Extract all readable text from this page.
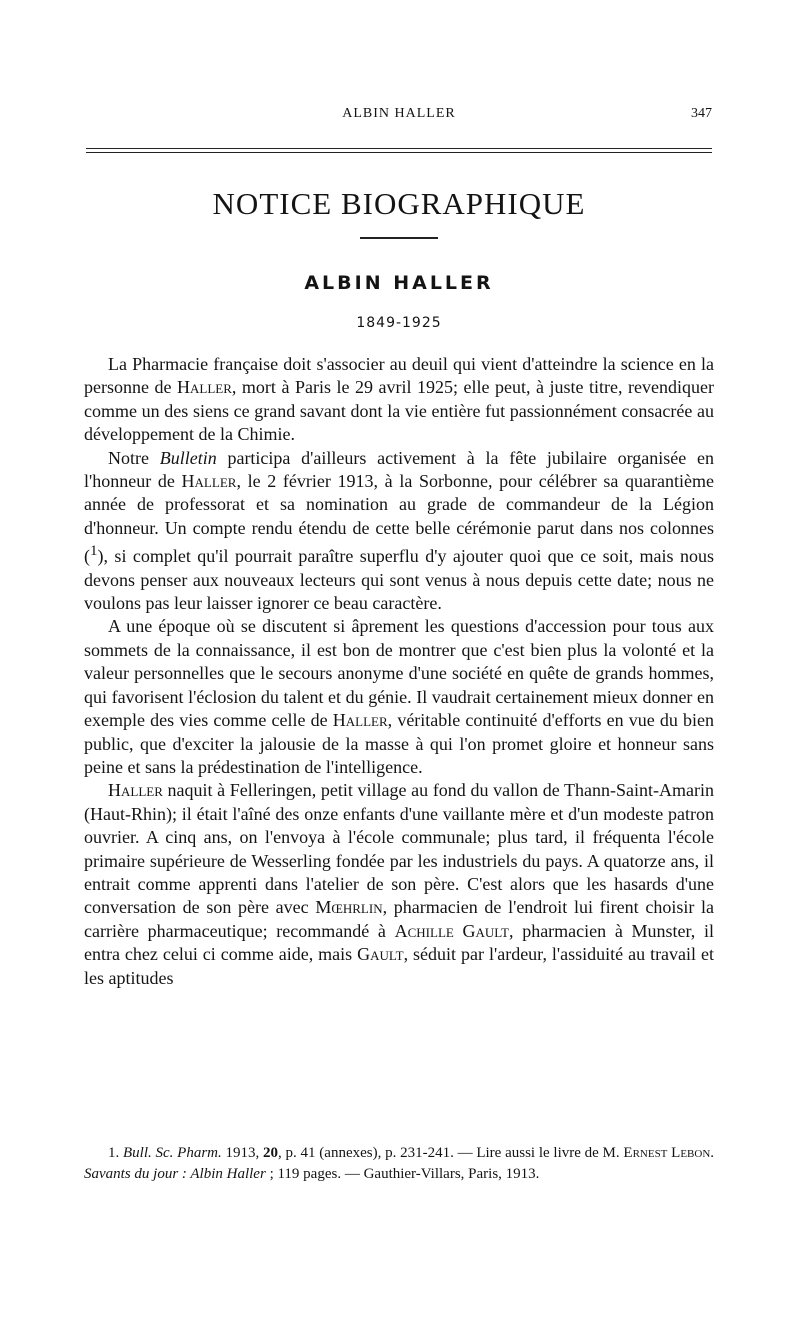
ALBIN HALLER	347
NOTICE BIOGRAPHIQUE
ALBIN HALLER
1849-1925

La Pharmacie française doit s'associer au deuil qui vient d'atteindre la science en la personne de Haller, mort à Paris le 29 avril 1925; elle peut, à juste titre, revendiquer comme un des siens ce grand savant dont la vie entière fut passionnément consacrée au développement de la Chimie.

Notre Bulletin participa d'ailleurs activement à la fête jubilaire organisée en l'honneur de Haller, le 2 février 1913, à la Sorbonne, pour célébrer sa quarantième année de professorat et sa nomination au grade de commandeur de la Légion d'honneur. Un compte rendu étendu de cette belle cérémonie parut dans nos colonnes ($^1$), si complet qu'il pourrait paraître superflu d'y ajouter quoi que ce soit, mais nous devons penser aux nouveaux lecteurs qui sont venus à nous depuis cette date; nous ne voulons pas leur laisser ignorer ce beau caractère.

A une époque où se discutent si âprement les questions d'accession pour tous aux sommets de la connaissance, il est bon de montrer que c'est bien plus la volonté et la valeur personnelles que le secours anonyme d'une société en quête de grands hommes, qui favorisent l'éclosion du talent et du génie. Il vaudrait certainement mieux donner en exemple des vies comme celle de Haller, véritable continuité d'efforts en vue du bien public, que d'exciter la jalousie de la masse à qui l'on promet gloire et honneur sans peine et sans la prédestination de l'intelligence.

Haller naquit à Felleringen, petit village au fond du vallon de Thann-Saint-Amarin (Haut-Rhin); il était l'aîné des onze enfants d'une vaillante mère et d'un modeste patron ouvrier. A cinq ans, on l'envoya à l'école communale; plus tard, il fréquenta l'école primaire supérieure de Wesserling fondée par les industriels du pays. A quatorze ans, il entrait comme apprenti dans l'atelier de son père. C'est alors que les hasards d'une conversation de son père avec Mœhrlin, pharmacien de l'endroit lui firent choisir la carrière pharmaceutique; recommandé à Achille Gault, pharmacien à Munster, il entra chez celui ci comme aide, mais Gault, séduit par l'ardeur, l'assiduité au travail et les aptitudes

1. Bull. Sc. Pharm. 1913, 20, p. 41 (annexes), p. 231-241. — Lire aussi le livre de M. Ernest Lebon. Savants du jour : Albin Haller ; 119 pages. — Gauthier-Villars, Paris, 1913.
